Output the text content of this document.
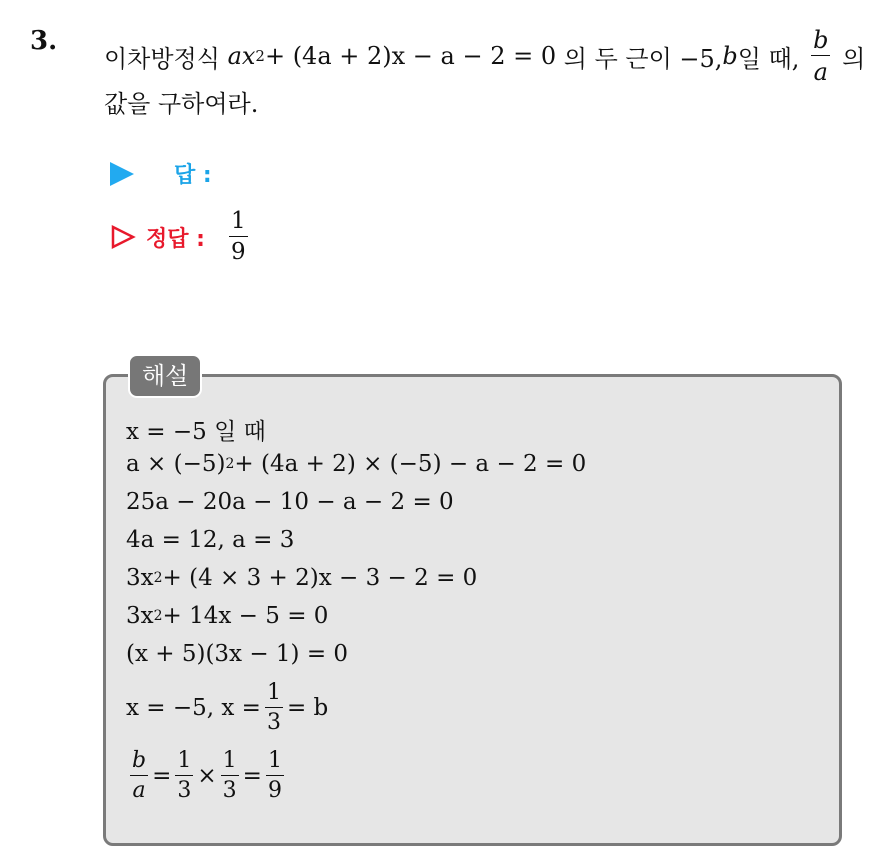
3.
이차방정식
ax 2 + (4a + 2)x − a − 2 = 0
의 두 근이 −5, b 일 때,
$\frac{b}{a}$
의
값을 구하여라.
답 :
정답 : $\frac{1}{9}$
해설
x = −5 일 때
a × (−5) 2 + (4a + 2) × (−5) − a − 2 = 0
25a − 20a − 10 − a − 2 = 0
4a = 12, a = 3
3x 2 + (4 × 3 + 2)x − 3 − 2 = 0
3x 2 + 14x − 5 = 0
(x + 5)(3x − 1) = 0
x = −5, $x = \frac{1}{3} = b$
$\frac{b}{a} = \frac{1}{3} \times \frac{1}{3} = \frac{1}{9}$
